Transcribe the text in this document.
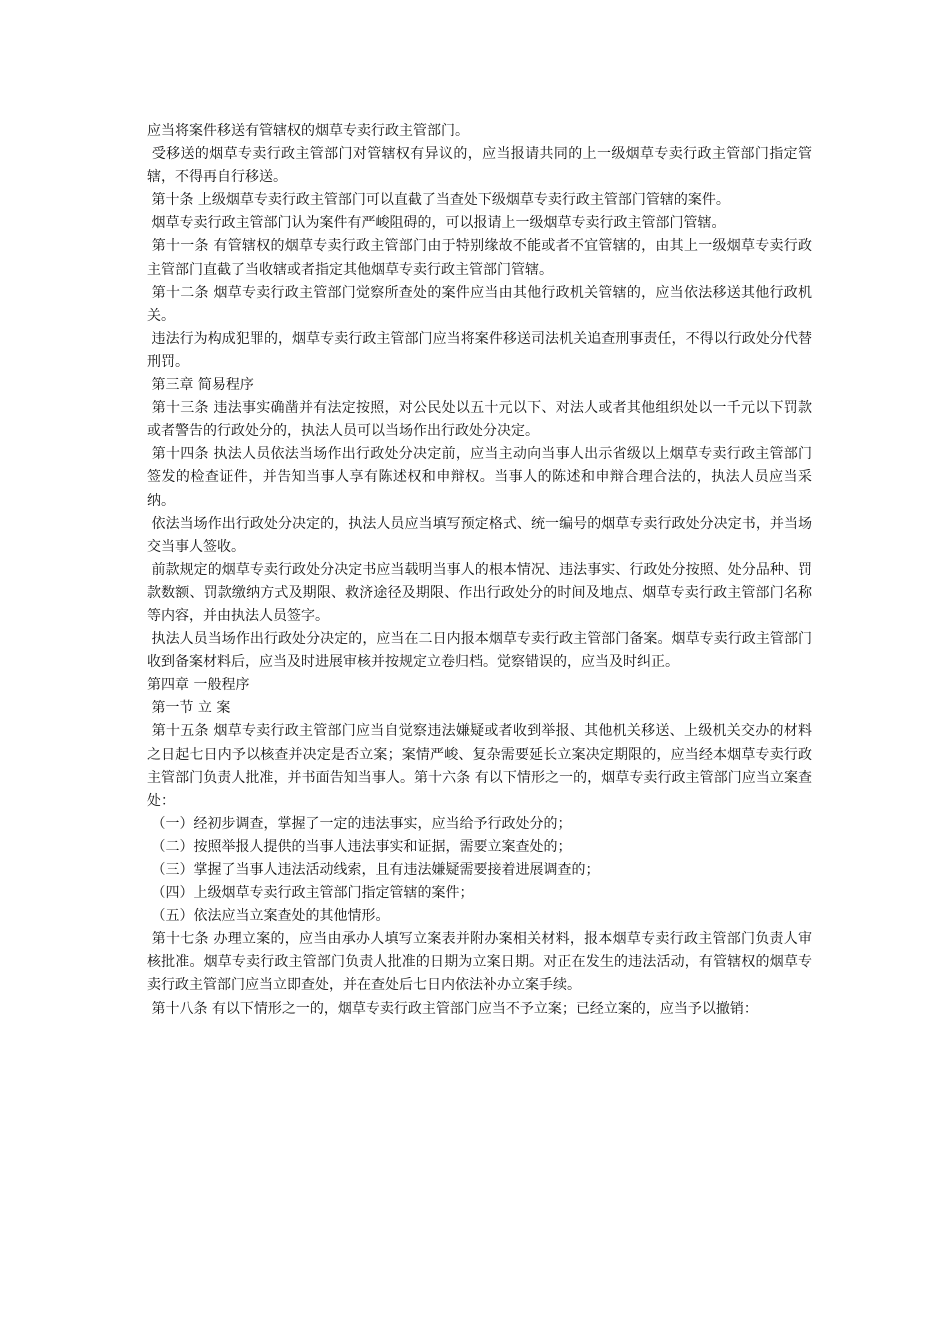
应当将案件移送有管辖权的烟草专卖行政主管部门。

受移送的烟草专卖行政主管部门对管辖权有异议的，应当报请共同的上一级烟草专卖行政主管部门指定管辖，不得再自行移送。

第十条 上级烟草专卖行政主管部门可以直截了当查处下级烟草专卖行政主管部门管辖的案件。

烟草专卖行政主管部门认为案件有严峻阻碍的，可以报请上一级烟草专卖行政主管部门管辖。

第十一条 有管辖权的烟草专卖行政主管部门由于特别缘故不能或者不宜管辖的，由其上一级烟草专卖行政主管部门直截了当收辖或者指定其他烟草专卖行政主管部门管辖。

第十二条 烟草专卖行政主管部门觉察所查处的案件应当由其他行政机关管辖的，应当依法移送其他行政机关。

违法行为构成犯罪的，烟草专卖行政主管部门应当将案件移送司法机关追查刑事责任，不得以行政处分代替刑罚。

第三章 简易程序

第十三条 违法事实确凿并有法定按照，对公民处以五十元以下、对法人或者其他组织处以一千元以下罚款或者警告的行政处分的，执法人员可以当场作出行政处分决定。

第十四条 执法人员依法当场作出行政处分决定前，应当主动向当事人出示省级以上烟草专卖行政主管部门签发的检查证件，并告知当事人享有陈述权和申辩权。当事人的陈述和申辩合理合法的，执法人员应当采纳。

依法当场作出行政处分决定的，执法人员应当填写预定格式、统一编号的烟草专卖行政处分决定书，并当场交当事人签收。

前款规定的烟草专卖行政处分决定书应当载明当事人的根本情况、违法事实、行政处分按照、处分品种、罚款数额、罚款缴纳方式及期限、救济途径及期限、作出行政处分的时间及地点、烟草专卖行政主管部门名称等内容，并由执法人员签字。

执法人员当场作出行政处分决定的，应当在二日内报本烟草专卖行政主管部门备案。烟草专卖行政主管部门收到备案材料后，应当及时进展审核并按规定立卷归档。觉察错误的，应当及时纠正。

第四章 一般程序

第一节 立 案

第十五条 烟草专卖行政主管部门应当自觉察违法嫌疑或者收到举报、其他机关移送、上级机关交办的材料之日起七日内予以核查并决定是否立案；案情严峻、复杂需要延长立案决定期限的，应当经本烟草专卖行政主管部门负责人批准，并书面告知当事人。第十六条 有以下情形之一的，烟草专卖行政主管部门应当立案查处：

（一）经初步调查，掌握了一定的违法事实，应当给予行政处分的；

（二）按照举报人提供的当事人违法事实和证据，需要立案查处的；

（三）掌握了当事人违法活动线索，且有违法嫌疑需要接着进展调查的；

（四）上级烟草专卖行政主管部门指定管辖的案件；

（五）依法应当立案查处的其他情形。

第十七条 办理立案的，应当由承办人填写立案表并附办案相关材料，报本烟草专卖行政主管部门负责人审核批准。烟草专卖行政主管部门负责人批准的日期为立案日期。对正在发生的违法活动，有管辖权的烟草专卖行政主管部门应当立即查处，并在查处后七日内依法补办立案手续。

第十八条 有以下情形之一的，烟草专卖行政主管部门应当不予立案；已经立案的，应当予以撤销：
